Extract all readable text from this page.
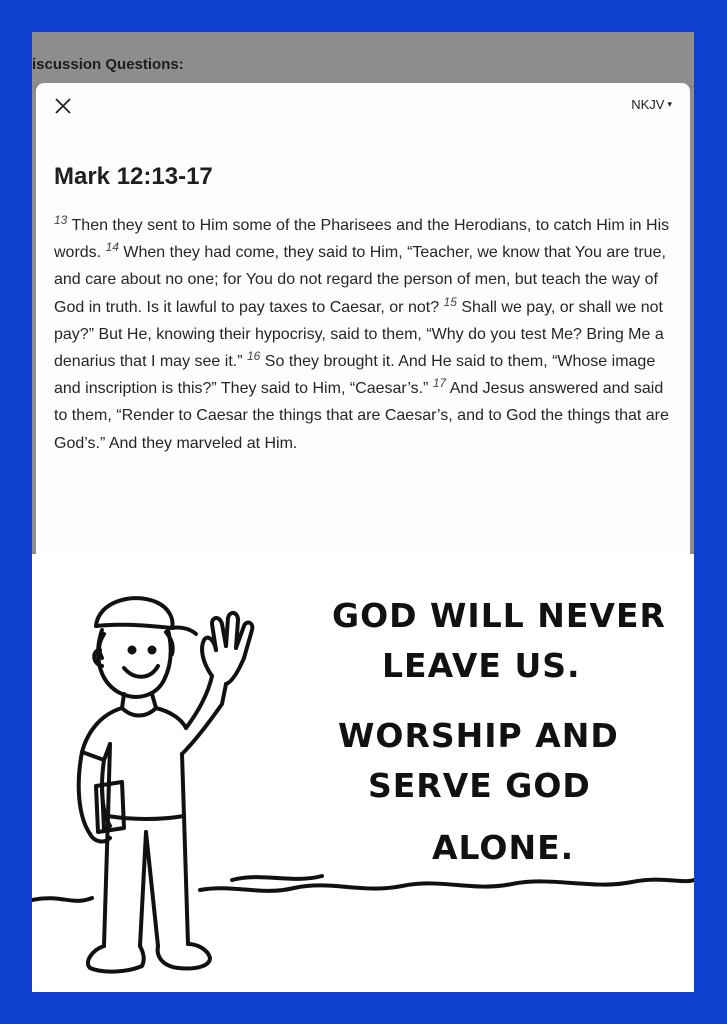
iscussion Questions:
NKJV ▾
Mark 12:13-17

$^{13}$ Then they sent to Him some of the Pharisees and the Herodians, to catch Him in His words. $^{14}$ When they had come, they said to Him, “Teacher, we know that You are true, and care about no one; for You do not regard the person of men, but teach the way of God in truth. Is it lawful to pay taxes to Caesar, or not? $^{15}$ Shall we pay, or shall we not pay?” But He, knowing their hypocrisy, said to them, “Why do you test Me? Bring Me a denarius that I may see it.” $^{16}$ So they brought it. And He said to them, “Whose image and inscription is this?” They said to Him, “Caesar’s.” $^{17}$ And Jesus answered and said to them, “Render to Caesar the things that are Caesar’s, and to God the things that are God’s.” And they marveled at Him.

GOD WILL NEVER
LEAVE US.
WORSHIP AND
SERVE GOD
ALONE.
